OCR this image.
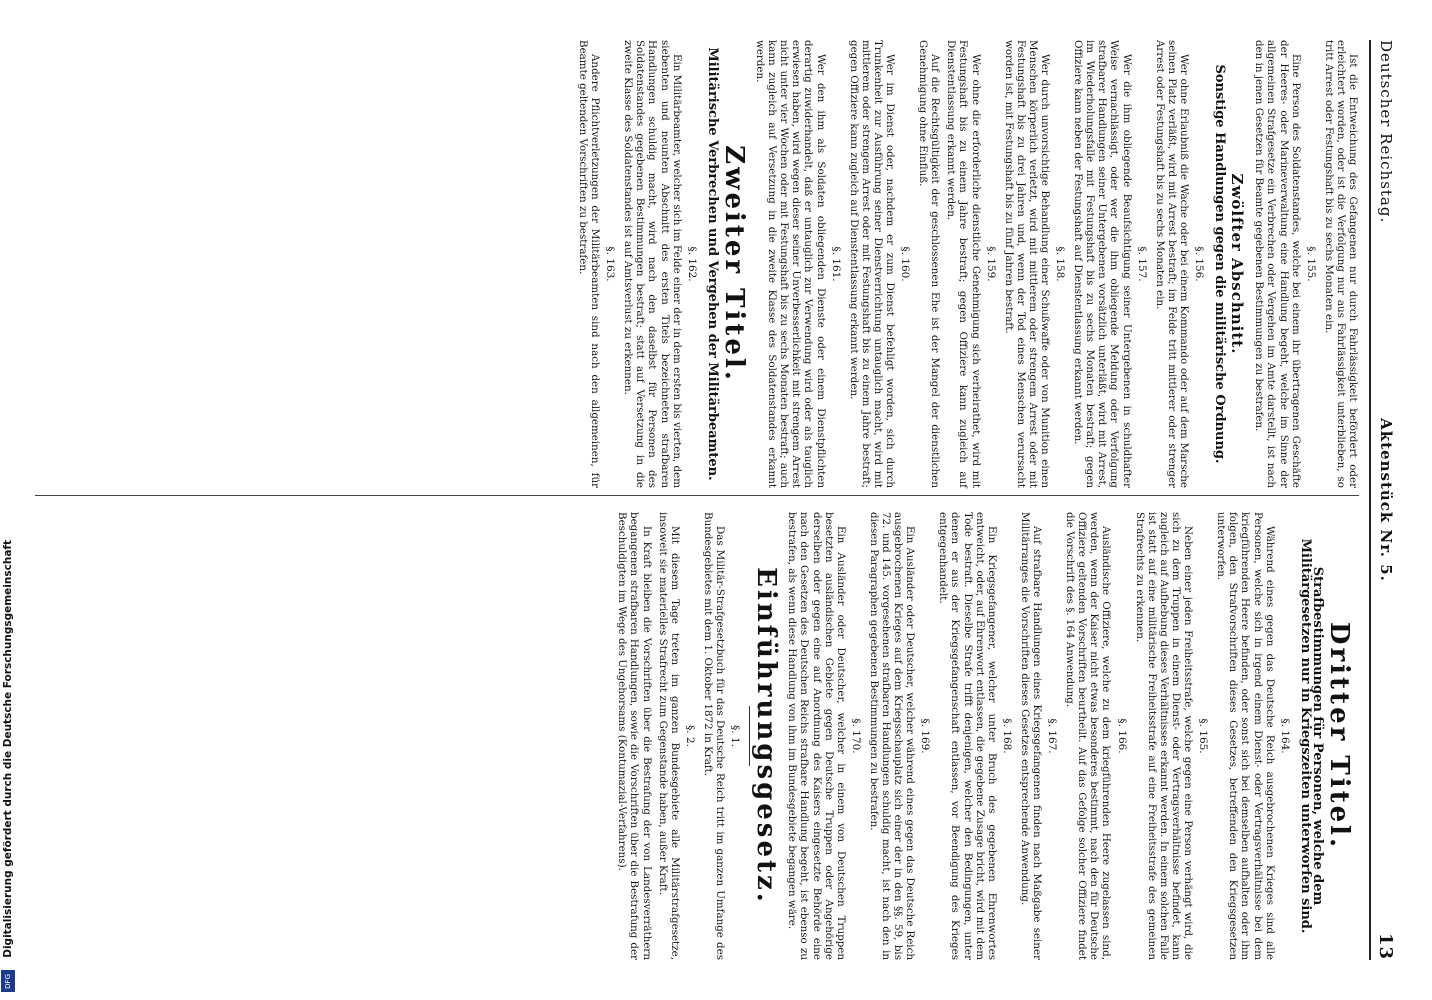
Deutscher Reichstag.
Aktenstück Nr. 5.
13

Ist die Entweichung des Gefangenen nur durch Fahrlässigkeit befördert oder erleichtert worden, oder ist die Verfolgung nur aus Fahrlässigkeit unterblieben, so tritt Arrest oder Festungshaft bis zu sechs Monaten ein.

§. 155.

Eine Person des Soldatenstandes, welche bei einem ihr übertragenen Geschäfte der Heeres- oder Marineverwaltung eine Handlung begeht, welche im Sinne der allgemeinen Strafgesetze ein Verbrechen oder Vergehen im Amte darstellt, ist nach den in jenen Gesetzen für Beamte gegebenen Bestimmungen zu bestrafen.

Zwölfter Abschnitt.
Sonstige Handlungen gegen die militärische Ordnung.
§. 156.

Wer ohne Erlaubniß die Wache oder bei einem Kommando oder auf dem Marsche seinen Platz verläßt, wird mit Arrest bestraft; im Felde tritt mittlerer oder strenger Arrest oder Festungshaft bis zu sechs Monaten ein.

§. 157.

Wer die ihm obliegende Beaufsichtigung seiner Untergebenen in schuldhafter Weise vernachlässigt, oder wer die ihm obliegende Meldung oder Verfolgung strafbarer Handlungen seiner Untergebenen vorsätzlich unterläßt, wird mit Arrest, im Wiederholungsfalle mit Festungshaft bis zu sechs Monaten bestraft; gegen Offiziere kann neben der Festungshaft auf Dienstentlassung erkannt werden.

§. 158.

Wer durch unvorsichtige Behandlung einer Schußwaffe oder von Munition einen Menschen körperlich verletzt, wird mit mittlerem oder strengem Arrest oder mit Festungshaft bis zu drei Jahren und, wenn der Tod eines Menschen verursacht worden ist, mit Festungshaft bis zu fünf Jahren bestraft.

§. 159.

Wer ohne die erforderliche dienstliche Genehmigung sich verheirathet, wird mit Festungshaft bis zu einem Jahre bestraft; gegen Offiziere kann zugleich auf Dienstentlassung erkannt werden.

Auf die Rechtsgültigkeit der geschlossenen Ehe ist der Mangel der dienstlichen Genehmigung ohne Einfluß.

§. 160.

Wer im Dienst oder, nachdem er zum Dienst befehligt worden, sich durch Trunkenheit zur Ausführung seiner Dienstverrichtung untauglich macht, wird mit mittlerem oder strengem Arrest oder mit Festungshaft bis zu einem Jahre bestraft; gegen Offiziere kann zugleich auf Dienstentlassung erkannt werden.

§. 161.

Wer den ihm als Soldaten obliegenden Dienste oder einem Dienstpflichten derartig zuwiderhandelt, daß er untauglich zur Verwendung wird oder als tauglich erwiesen haben, wird wegen dieser seiner Unverbesserlichkeit mit strengem Arrest nicht unter vier Wochen oder mit Festungshaft bis zu sechs Monaten bestraft; auch kann zugleich auf Versetzung in die zweite Klasse des Soldatenstandes erkannt werden.

Zweiter Titel.
Militärische Verbrechen und Vergehen der Militärbeamten.
§. 162.

Ein Militärbeamter, welcher sich im Felde einer der in dem ersten bis vierten, dem siebenten und neunten Abschnitt des ersten Titels bezeichneten strafbaren Handlungen schuldig macht, wird nach den daselbst für Personen des Soldatenstandes gegebenen Bestimmungen bestraft; statt auf Versetzung in die zweite Klasse des Soldatenstandes ist auf Amtsverlust zu erkennen.

§. 163.

Andere Pflichtverletzungen der Militärbeamten sind nach den allgemeinen, für Beamte geltenden Vorschriften zu bestrafen.

Dritter Titel.
Strafbestimmungen für Personen, welche dem Militärgesetzen nur in Kriegszeiten unterworfen sind.
§. 164.

Während eines gegen das Deutsche Reich ausgebrochenen Krieges sind alle Personen, welche sich in irgend einem Dienst- oder Vertragsverhältnisse bei dem kriegführenden Heere befinden, oder sonst sich bei demselben aufhalten oder ihm folgen, den Strafvorschriften dieses Gesetzes, betreffenden den Kriegsgesetzen unterworfen.

§. 165.

Neben einer jeden Freiheitsstrafe, welche gegen eine Person verhängt wird, die sich zu dem Truppen in einem Dienst- oder Vertragsverhältnisse befindet, kann zugleich auf Aufhebung dieses Verhältnisses erkannt werden. In einem solchen Falle ist statt auf eine militärische Freiheitsstrafe auf eine Freiheitsstrafe des gemeinen Strafrechts zu erkennen.

§. 166.

Ausländische Offiziere, welche zu dem kriegführenden Heere zugelassen sind, werden, wenn der Kaiser nicht etwas besonderes bestimmt, nach den für Deutsche Offiziere geltenden Vorschriften beurtheilt. Auf das Gefolge solcher Offiziere findet die Vorschrift des §. 164 Anwendung.

§. 167.

Auf strafbare Handlungen eines Kriegsgefangenen finden nach Maßgabe seiner Militärranges die Vorschriften dieses Gesetzes entsprechende Anwendung.

§. 168.

Ein Kriegsgefangener, welcher unter Bruch des gegebenen Ehrenwortes entweicht, oder, auf Ehrenwort entlassen, die gegebene Zusage bricht, wird mit dem Tode bestraft. Dieselbe Strafe trifft denjenigen, welcher den Bedingungen, unter denen er aus der Kriegsgefangenschaft entlassen, vor Beendigung des Krieges entgegenhandelt.

§. 169.

Ein Ausländer oder Deutscher, welcher während eines gegen das Deutsche Reich ausgebrochenen Krieges auf dem Kriegsschauplatz sich einer der in den §§. 59, bis 72. und 145. vorgesehenen strafbaren Handlungen schuldig macht, ist nach den in diesen Paragraphen gegebenen Bestimmungen zu bestrafen.

§. 170.

Ein Ausländer oder Deutscher, welcher in einem von Deutschen Truppen besetzten ausländischen Gebiete gegen Deutsche Truppen oder Angehörige derselben oder gegen eine auf Anordnung des Kaisers eingesetzte Behörde eine nach den Gesetzen des Deutschen Reichs strafbare Handlung begeht, ist ebenso zu bestrafen, als wenn diese Handlung von ihm im Bundesgebiete begangen wäre.

Einführungsgesetz.
§. 1.

Das Militär-Strafgesetzbuch für das Deutsche Reich tritt im ganzen Umfange des Bundesgebietes mit dem 1. Oktober 1872 in Kraft.

§. 2.

Mit diesem Tage treten im ganzen Bundesgebiete alle Militärstrafgesetze, insoweit sie materielles Strafrecht zum Gegenstande haben, außer Kraft.

In Kraft bleiben die Vorschriften über die Bestrafung der von Landesverräthern begangenen strafbaren Handlungen, sowie die Vorschriften über die Bestrafung der Beschuldigten im Wege des Ungehorsams (Kontumazial-Verfahrens).

Digitalisierung gefördert durch die Deutsche Forschungsgemeinschaft
DFG
